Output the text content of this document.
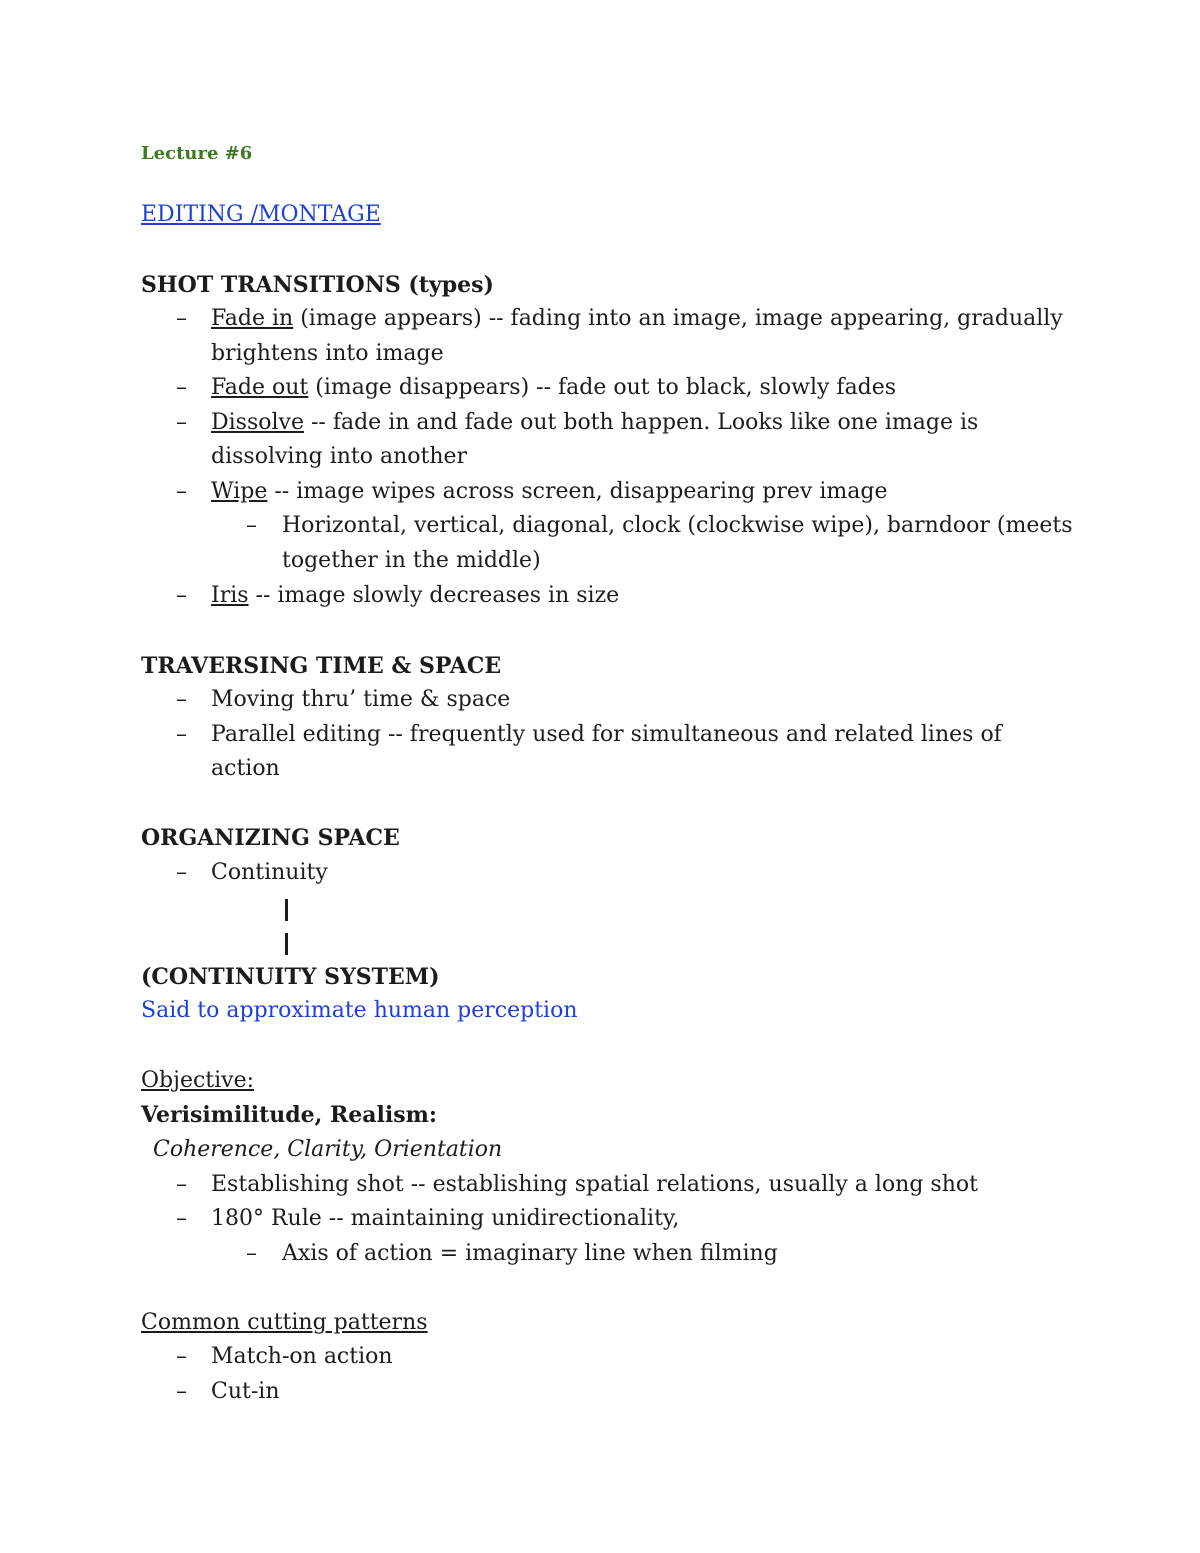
Lecture #6
EDITING /MONTAGE
SHOT TRANSITIONS (types)
– Fade in (image appears) -- fading into an image, image appearing, gradually
brightens into image
– Fade out (image disappears) -- fade out to black, slowly fades
– Dissolve -- fade in and fade out both happen. Looks like one image is
dissolving into another
– Wipe -- image wipes across screen, disappearing prev image
– Horizontal, vertical, diagonal, clock (clockwise wipe), barndoor (meets
together in the middle)
– Iris -- image slowly decreases in size
TRAVERSING TIME & SPACE
– Moving thru’ time & space
– Parallel editing -- frequently used for simultaneous and related lines of
action
ORGANIZING SPACE
– Continuity
(CONTINUITY SYSTEM)
Said to approximate human perception
Objective:
Verisimilitude, Realism:
Coherence, Clarity, Orientation
– Establishing shot -- establishing spatial relations, usually a long shot
– 180° Rule -- maintaining unidirectionality,
– Axis of action = imaginary line when filming
Common cutting patterns
– Match-on action
– Cut-in
